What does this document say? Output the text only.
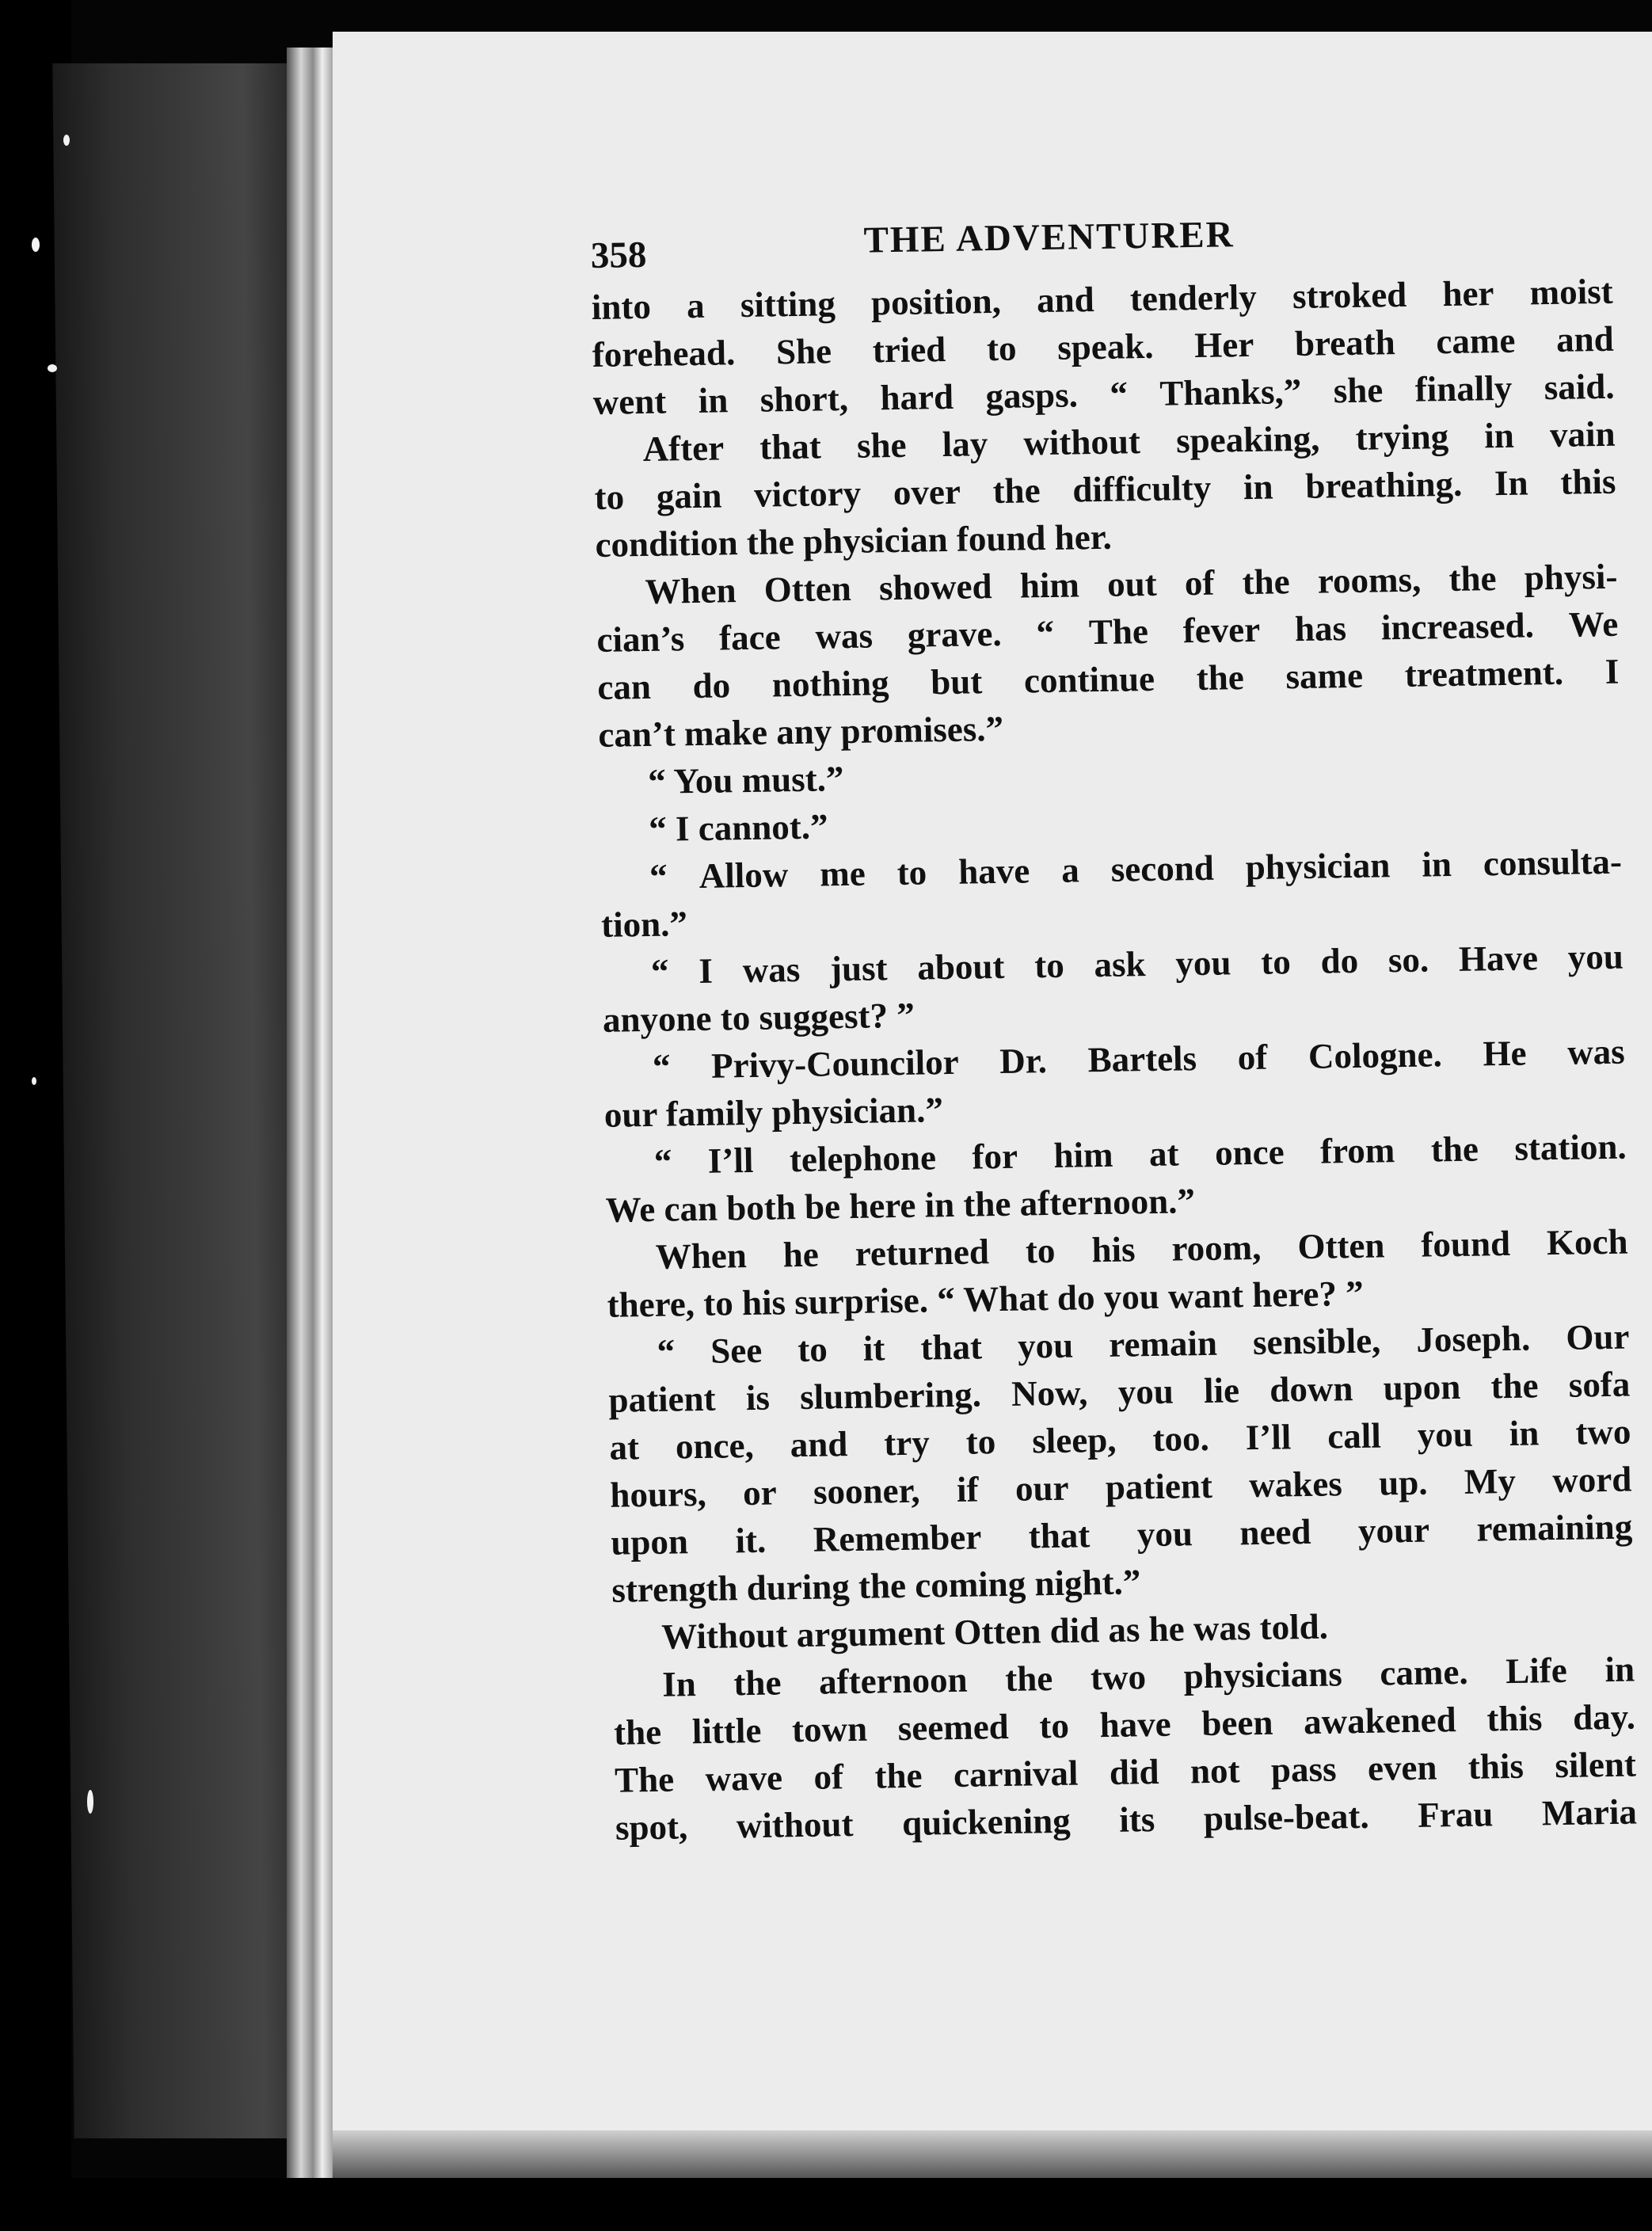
358	THE ADVENTURER
into a sitting position, and tenderly stroked her moist
forehead. She tried to speak. Her breath came and
went in short, hard gasps. “ Thanks,” she finally said.
After that she lay without speaking, trying in vain
to gain victory over the difficulty in breathing. In this
condition the physician found her.
When Otten showed him out of the rooms, the physi-
cian’s face was grave. “ The fever has increased. We
can do nothing but continue the same treatment. I
can’t make any promises.”
“ You must.”
“ I cannot.”
“ Allow me to have a second physician in consulta-
tion.”
“ I was just about to ask you to do so. Have you
anyone to suggest? ”
“ Privy-Councilor Dr. Bartels of Cologne. He was
our family physician.”
“ I’ll telephone for him at once from the station.
We can both be here in the afternoon.”
When he returned to his room, Otten found Koch
there, to his surprise. “ What do you want here? ”
“ See to it that you remain sensible, Joseph. Our
patient is slumbering. Now, you lie down upon the sofa
at once, and try to sleep, too. I’ll call you in two
hours, or sooner, if our patient wakes up. My word
upon it. Remember that you need your remaining
strength during the coming night.”
Without argument Otten did as he was told.
In the afternoon the two physicians came. Life in
the little town seemed to have been awakened this day.
The wave of the carnival did not pass even this silent
spot, without quickening its pulse-beat. Frau Maria
